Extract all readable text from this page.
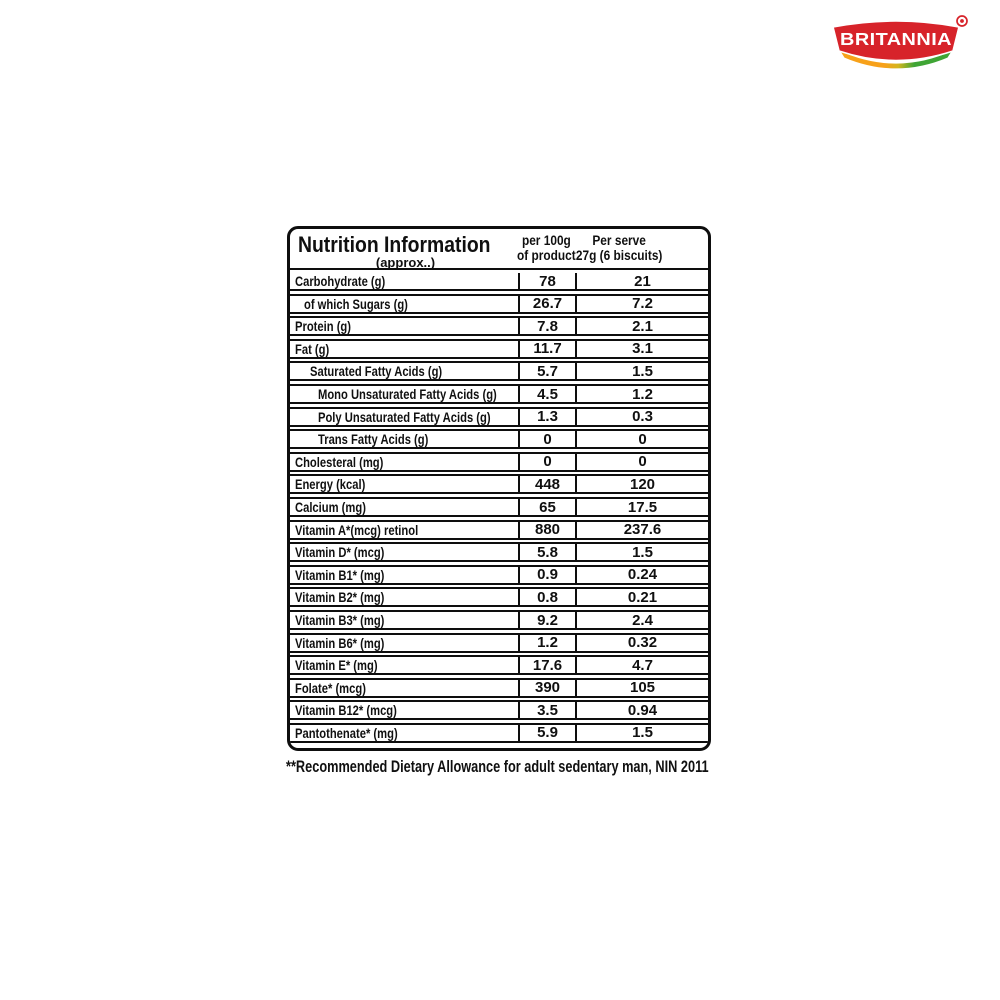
BRITANNIA
Nutrition Information
(approx..)
per 100g
of product
Per serve
27g (6 biscuits)
Carbohydrate (g)	78	21
of which Sugars (g)	26.7	7.2
Protein (g)	7.8	2.1
Fat (g)	11.7	3.1
Saturated Fatty Acids (g)	5.7	1.5
Mono Unsaturated Fatty Acids (g)	4.5	1.2
Poly Unsaturated Fatty Acids (g)	1.3	0.3
Trans Fatty Acids (g)	0	0
Cholesteral (mg)	0	0
Energy (kcal)	448	120
Calcium (mg)	65	17.5
Vitamin A*(mcg) retinol	880	237.6
Vitamin D* (mcg)	5.8	1.5
Vitamin B1* (mg)	0.9	0.24
Vitamin B2* (mg)	0.8	0.21
Vitamin B3* (mg)	9.2	2.4
Vitamin B6* (mg)	1.2	0.32
Vitamin E* (mg)	17.6	4.7
Folate* (mcg)	390	105
Vitamin B12* (mcg)	3.5	0.94
Pantothenate* (mg)	5.9	1.5
**Recommended Dietary Allowance for adult sedentary man, NIN 2011
